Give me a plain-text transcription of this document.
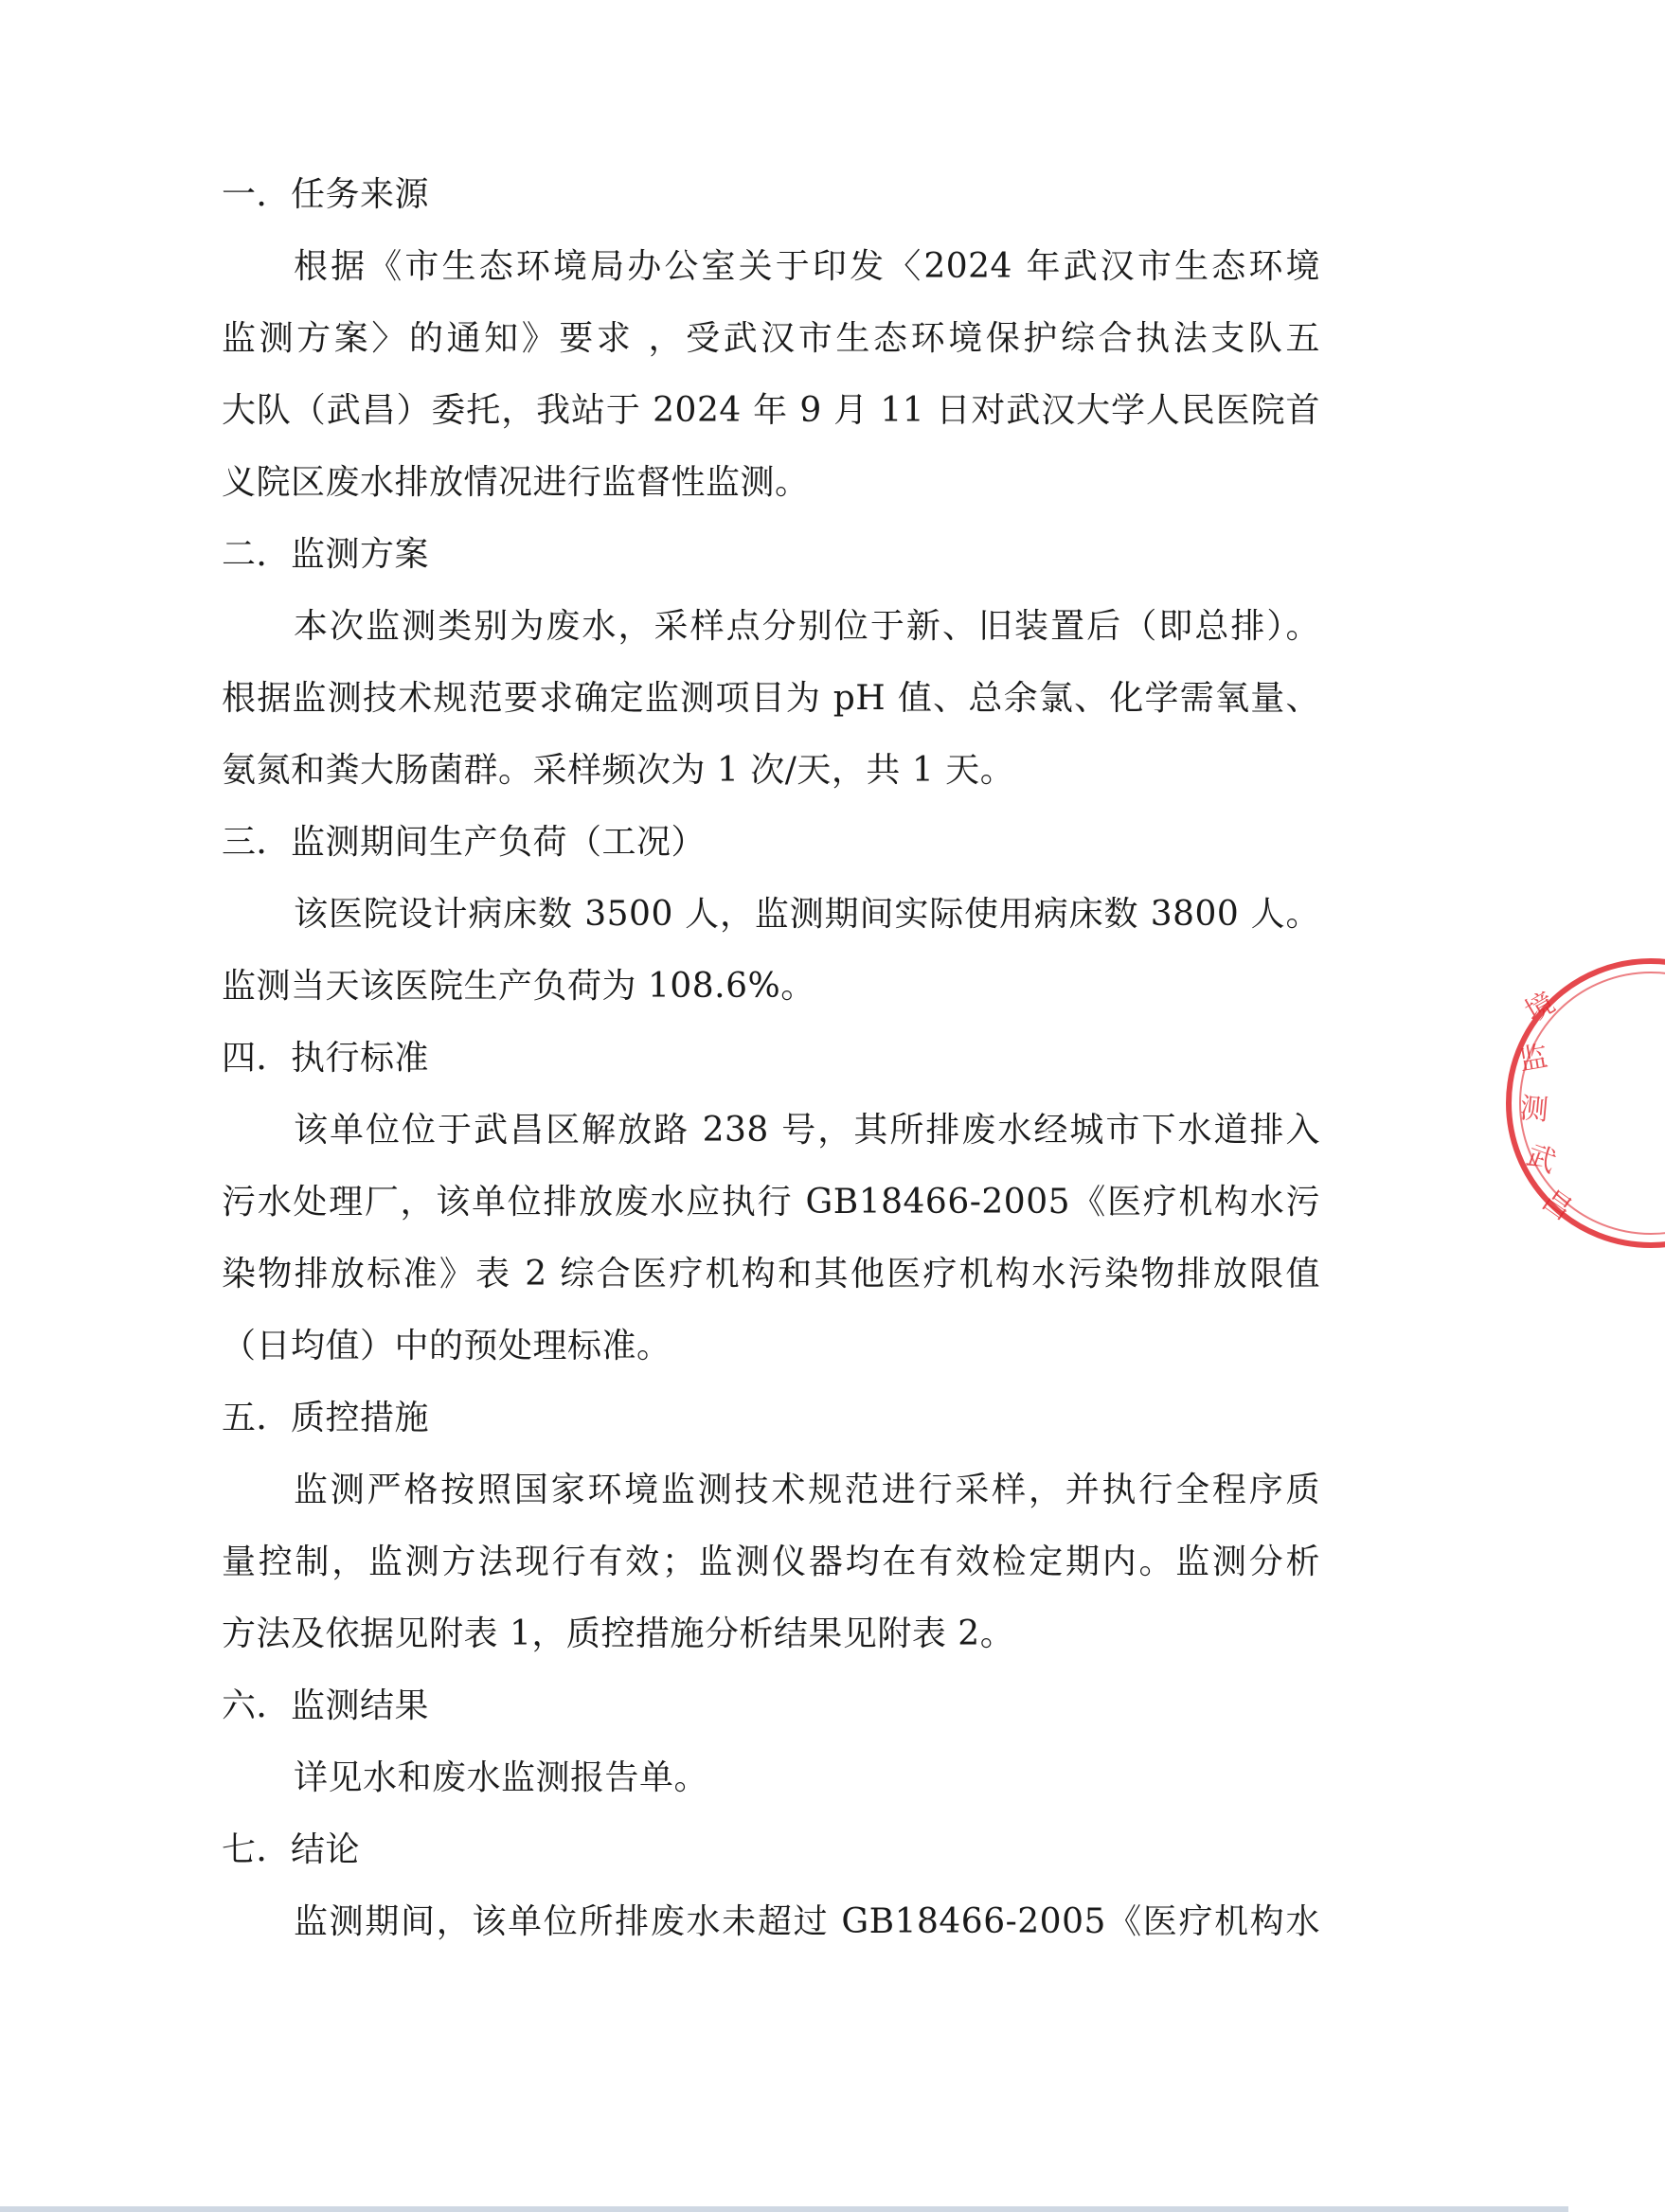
一．任务来源
根据《市生态环境局办公室关于印发〈2024 年武汉市生态环境
监测方案〉的通知》要求 ，受武汉市生态环境保护综合执法支队五
大队（武昌）委托，我站于 2024 年 9 月 11 日对武汉大学人民医院首
义院区废水排放情况进行监督性监测。
二．监测方案
本次监测类别为废水，采样点分别位于新、旧装置后（即总排）。
根据监测技术规范要求确定监测项目为 pH 值、总余氯、化学需氧量、
氨氮和粪大肠菌群。采样频次为 1 次/天，共 1 天。
三．监测期间生产负荷（工况）
该医院设计病床数 3500 人，监测期间实际使用病床数 3800 人。
监测当天该医院生产负荷为 108.6%。
四．执行标准
该单位位于武昌区解放路 238 号，其所排废水经城市下水道排入
污水处理厂，该单位排放废水应执行 GB18466-2005《医疗机构水污
染物排放标准》表 2 综合医疗机构和其他医疗机构水污染物排放限值
（日均值）中的预处理标准。
五．质控措施
监测严格按照国家环境监测技术规范进行采样，并执行全程序质
量控制，监测方法现行有效；监测仪器均在有效检定期内。监测分析
方法及依据见附表 1，质控措施分析结果见附表 2。
六．监测结果
详见水和废水监测报告单。
七．结论
监测期间，该单位所排废水未超过 GB18466-2005《医疗机构水
境
监
测
武
昌
